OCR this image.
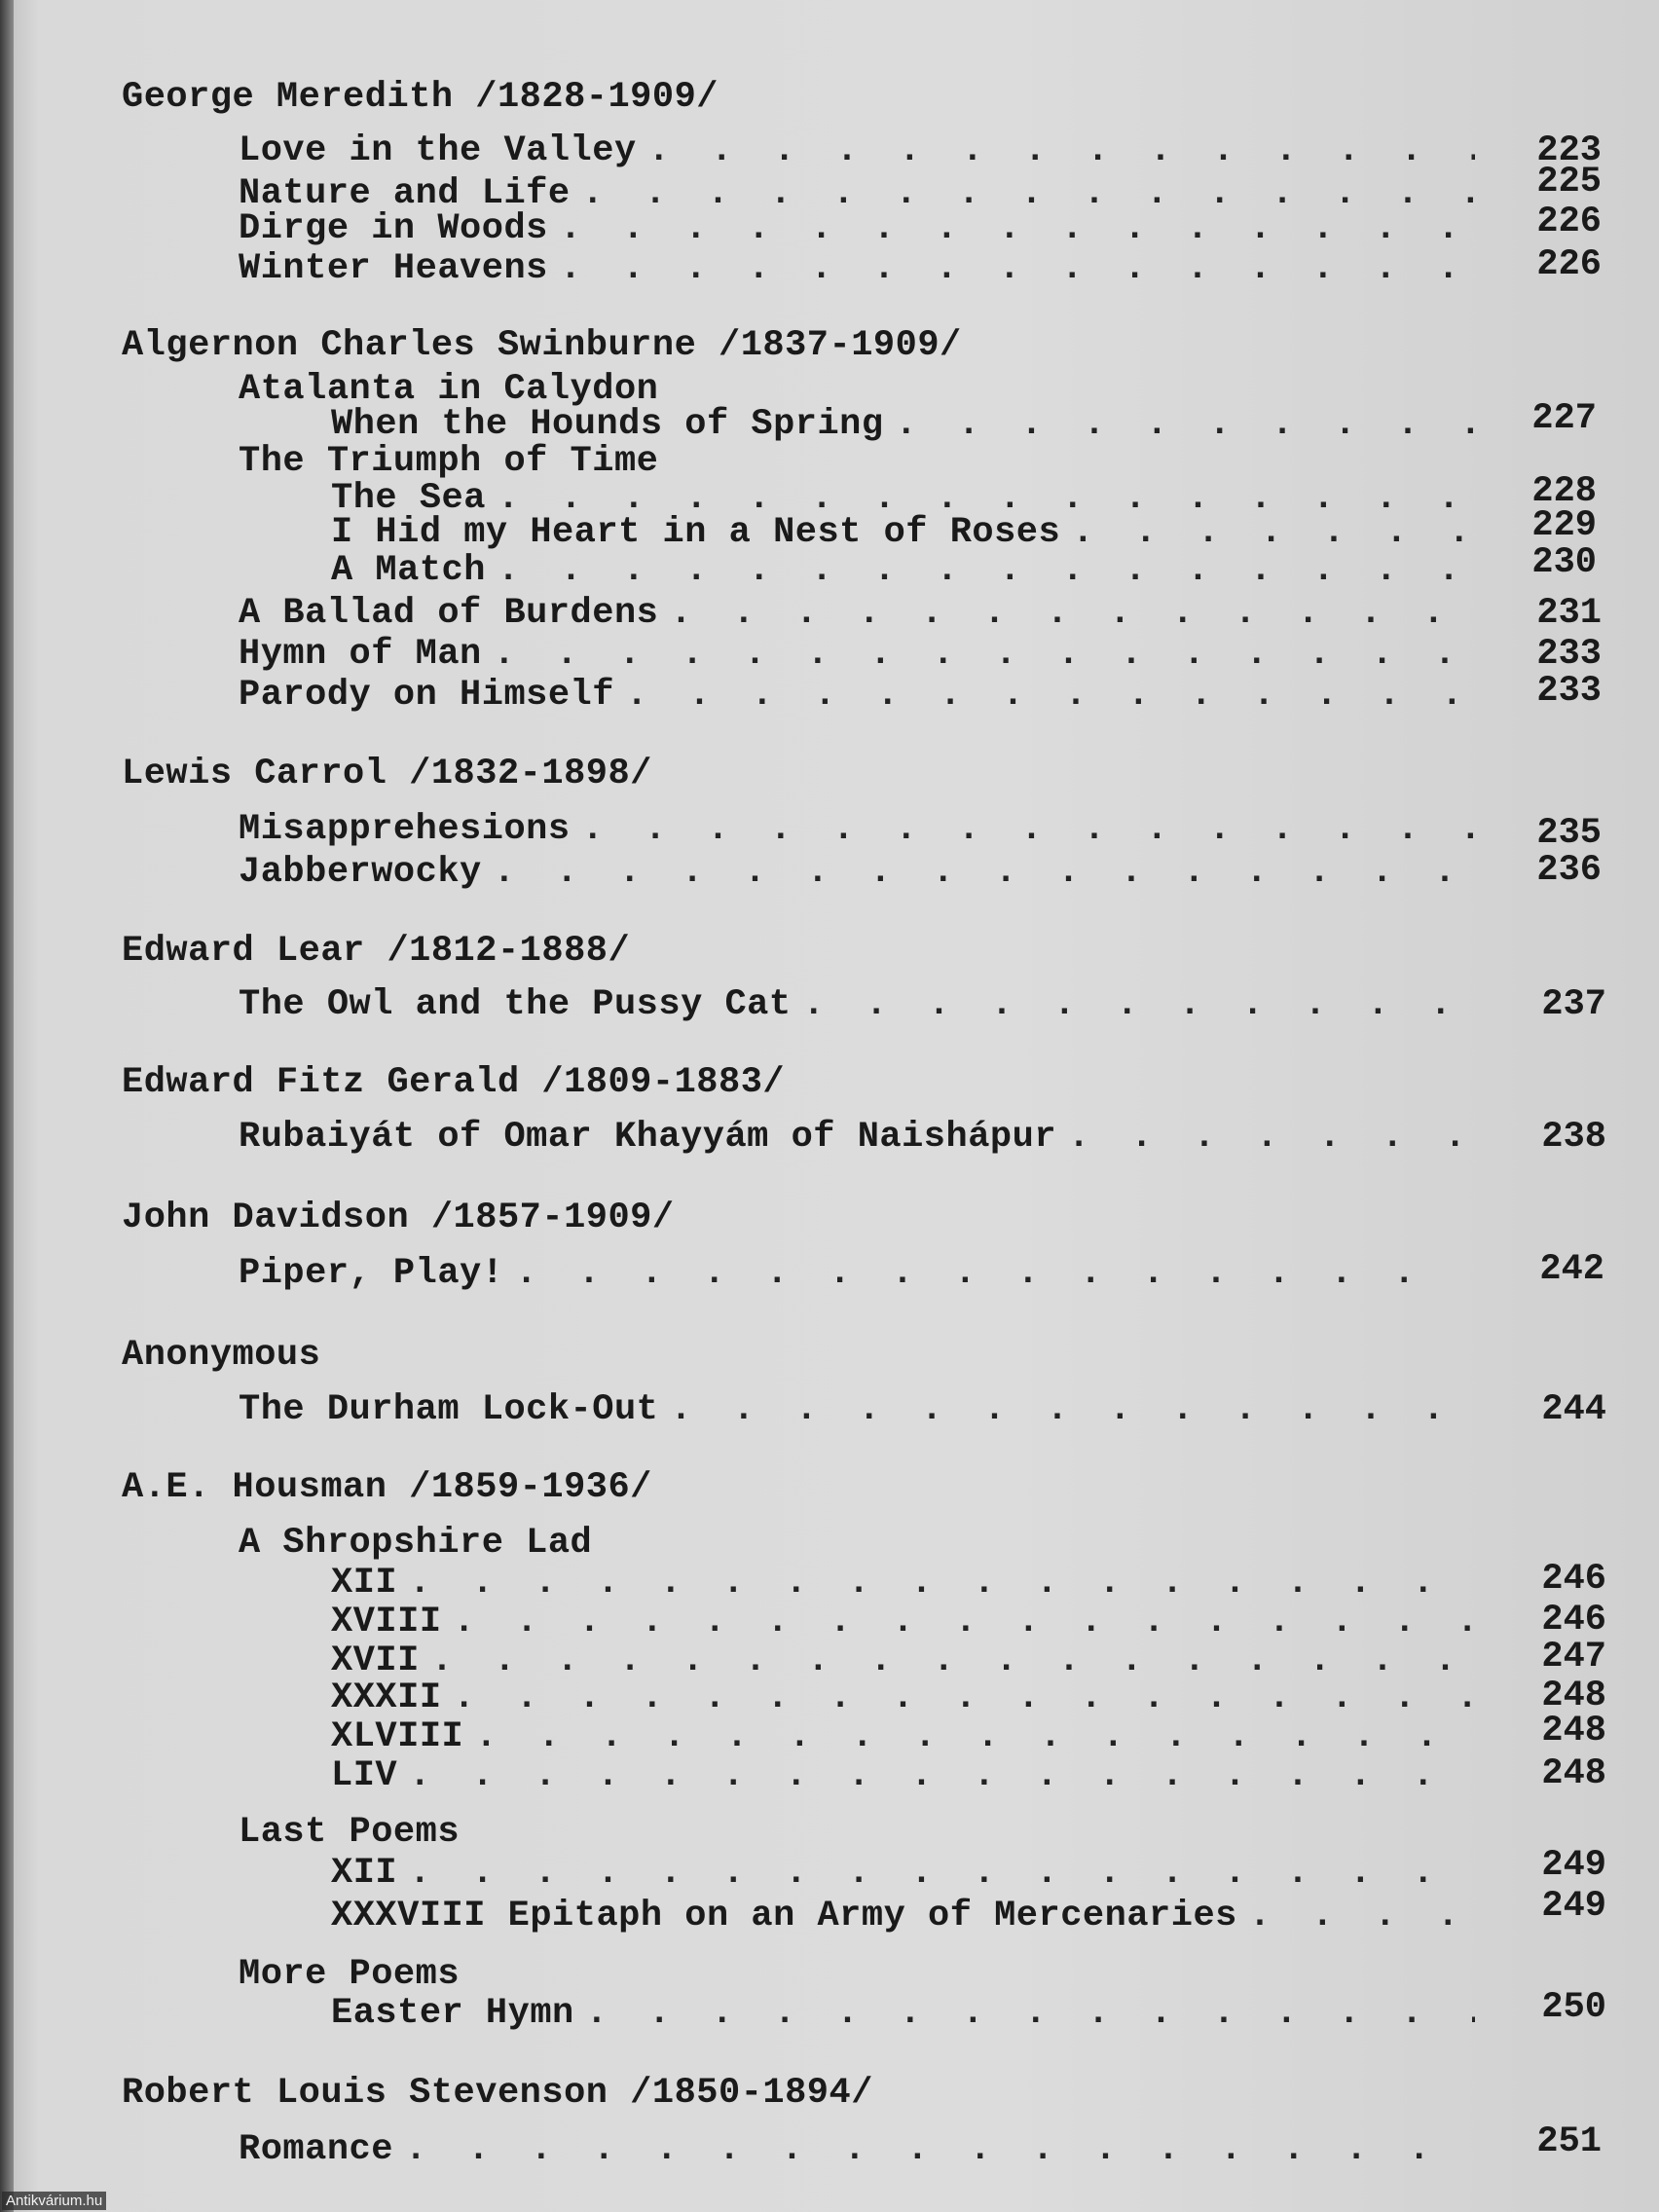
George Meredith /1828-1909/
Love in the Valley . . .	223
Nature and Life . . .	225
Dirge in Woods . . .	226
Winter Heavens . . .	226
Algernon Charles Swinburne /1837-1909/
Atalanta in Calydon
When the Hounds of Spring . . .	227
The Triumph of Time
The Sea . . .	228
I Hid my Heart in a Nest of Roses . . .	229
A Match . . .	230
A Ballad of Burdens . . .	231
Hymn of Man . . .	233
Parody on Himself . . .	233
Lewis Carrol /1832-1898/
Misapprehesions . . .	235
Jabberwocky . . .	236
Edward Lear /1812-1888/
The Owl and the Pussy Cat . . .	237
Edward Fitz Gerald /1809-1883/
Rubaiyát of Omar Khayyám of Naishápur . . .	238
John Davidson /1857-1909/
Piper, Play! . . .	242
Anonymous
The Durham Lock-Out . . .	244
A.E. Housman /1859-1936/
A Shropshire Lad
XII . . .	246
XVIII . . .	246
XVII . . .	247
XXXII . . .	248
XLVIII . . .	248
LIV . . .	248
Last Poems
XII . . .	249
XXXVIII Epitaph on an Army of Mercenaries . . .	249
More Poems
Easter Hymn . . .	250
Robert Louis Stevenson /1850-1894/
Romance . . .	251
Antikvárium.hu
